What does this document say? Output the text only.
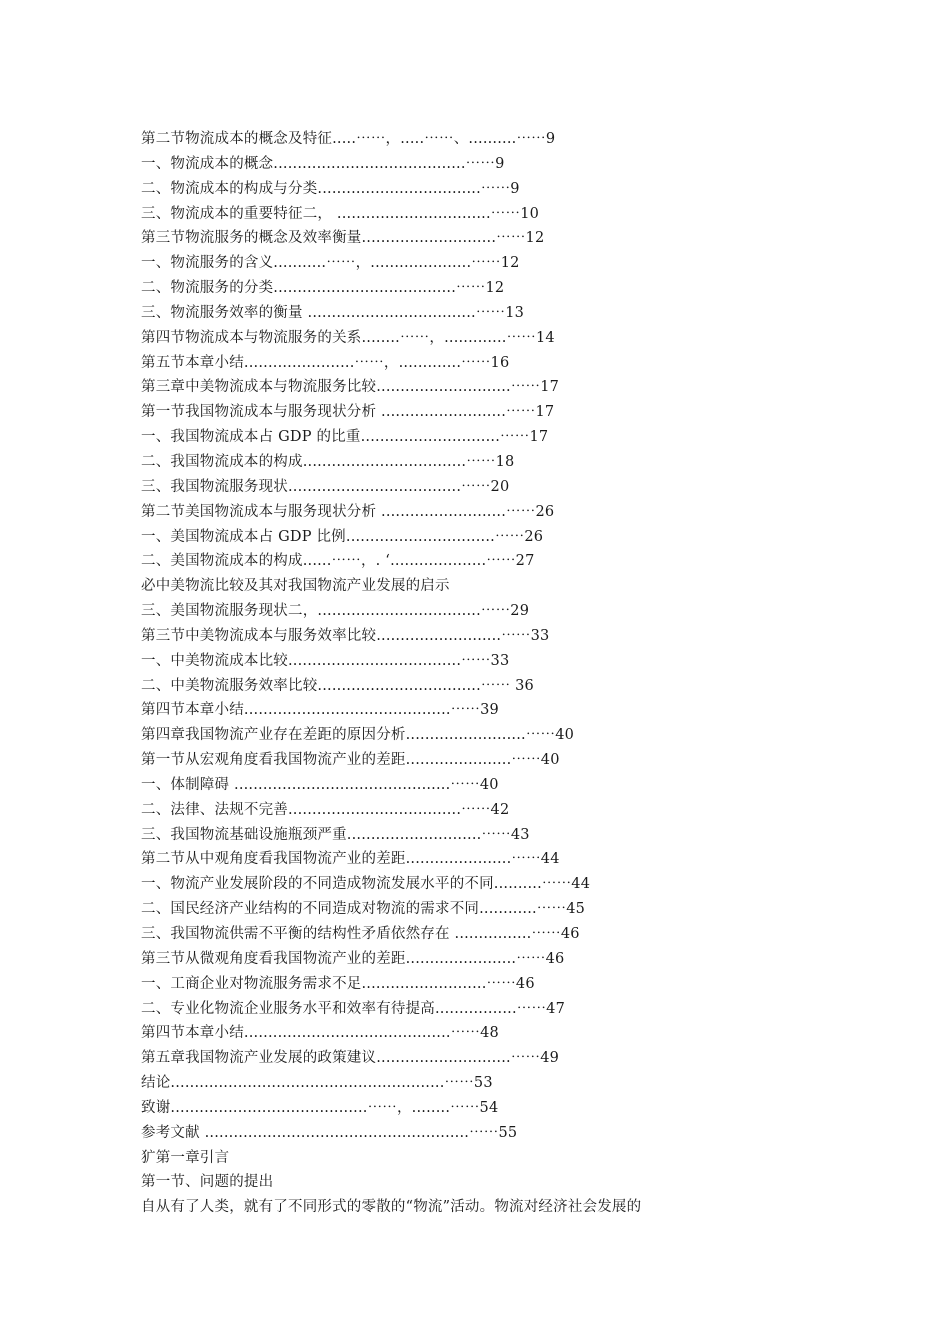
第二节物流成本的概念及特征.....⋯⋯，.....⋯⋯、..........⋯⋯9
一、物流成本的概念........................................⋯⋯9
二、物流成本的构成与分类..................................⋯⋯9
三、物流成本的重要特征二， ................................⋯⋯10
第三节物流服务的概念及效率衡量............................⋯⋯12
一、物流服务的含义...........⋯⋯，.....................⋯⋯12
二、物流服务的分类......................................⋯⋯12
三、物流服务效率的衡量 ...................................⋯⋯13
第四节物流成本与物流服务的关系........⋯⋯，.............⋯⋯14
第五节本章小结.......................⋯⋯，.............⋯⋯16
第三章中美物流成本与物流服务比较............................⋯⋯17
第一节我国物流成本与服务现状分析 ..........................⋯⋯17
一、我国物流成本占 GDP 的比重.............................⋯⋯17
二、我国物流成本的构成..................................⋯⋯18
三、我国物流服务现状....................................⋯⋯20
第二节美国物流成本与服务现状分析 ..........................⋯⋯26
一、美国物流成本占 GDP 比例...............................⋯⋯26
二、美国物流成本的构成......⋯⋯，. ‘....................⋯⋯27
必中美物流比较及其对我国物流产业发展的启示
三、美国物流服务现状二，..................................⋯⋯29
第三节中美物流成本与服务效率比较..........................⋯⋯33
一、中美物流成本比较....................................⋯⋯33
二、中美物流服务效率比较..................................⋯⋯ 36
第四节本章小结...........................................⋯⋯39
第四章我国物流产业存在差距的原因分析.........................⋯⋯40
第一节从宏观角度看我国物流产业的差距......................⋯⋯40
一、体制障碍 .............................................⋯⋯40
二、法律、法规不完善....................................⋯⋯42
三、我国物流基础设施瓶颈严重............................⋯⋯43
第二节从中观角度看我国物流产业的差距......................⋯⋯44
一、物流产业发展阶段的不同造成物流发展水平的不同..........⋯⋯44
二、国民经济产业结构的不同造成对物流的需求不同............⋯⋯45
三、我国物流供需不平衡的结构性矛盾依然存在 ................⋯⋯46
第三节从微观角度看我国物流产业的差距.......................⋯⋯46
一、工商企业对物流服务需求不足..........................⋯⋯46
二、专业化物流企业服务水平和效率有待提高.................⋯⋯47
第四节本章小结...........................................⋯⋯48
第五章我国物流产业发展的政策建议............................⋯⋯49
结论.........................................................⋯⋯53
致谢.........................................⋯⋯，........⋯⋯54
参考文献 .......................................................⋯⋯55
犷第一章引言
第一节、问题的提出
自从有了人类，就有了不同形式的零散的“物流”活动。物流对经济社会发展的
